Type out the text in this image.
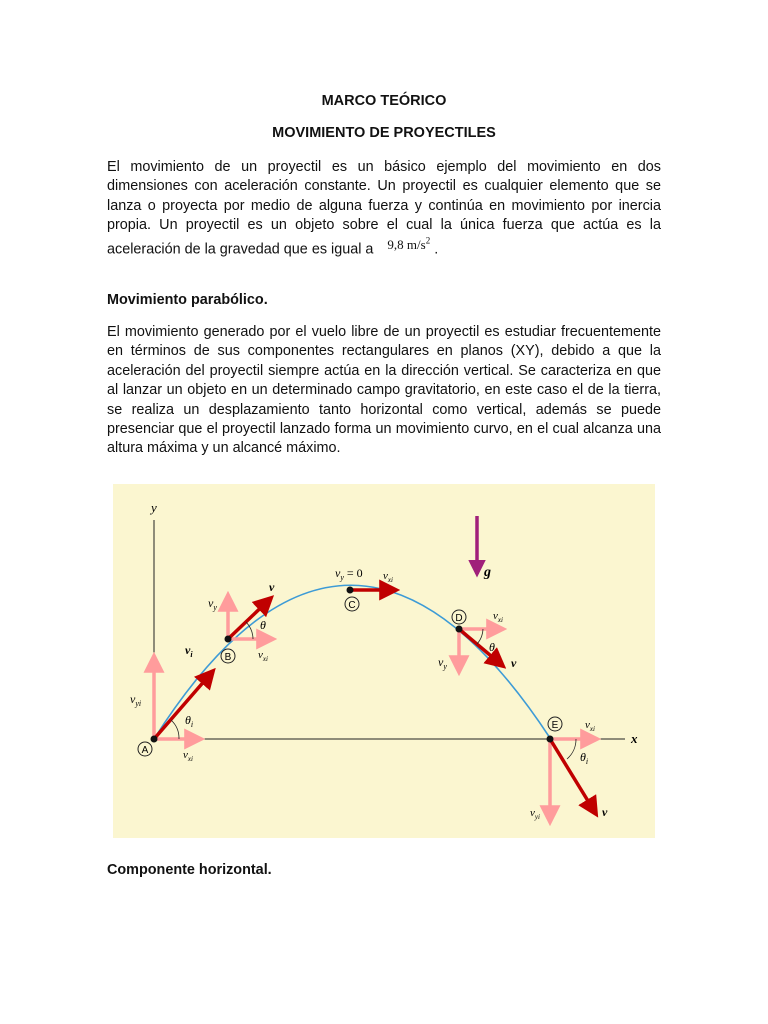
MARCO TEÓRICO
MOVIMIENTO DE PROYECTILES
El movimiento de un proyectil es un básico ejemplo del movimiento en dos dimensiones con aceleración constante. Un proyectil es cualquier elemento que se lanza o proyecta por medio de alguna fuerza y continúa en movimiento por inercia propia. Un proyectil es un objeto sobre el cual la única fuerza que actúa es la aceleración de la gravedad que es igual a 9,8 $m/s^2$ .
Movimiento parabólico.
El movimiento generado por el vuelo libre de un proyectil es estudiar frecuentemente en términos de sus componentes rectangulares en planos (XY), debido a que la aceleración del proyectil siempre actúa en la dirección vertical. Se caracteriza en que al lanzar un objeto en un determinado campo gravitatorio, en este caso el de la tierra, se realiza un desplazamiento tanto horizontal como vertical, además se puede presenciar que el proyectil lanzado forma un movimiento curvo, en el cual alcanza una altura máxima y un alcancé máximo.
y
x
g
A
$v_i$
$v_{yi}$
$v_{xi}$
$\theta_i$
B
v
$v_y$
$v_{xi}$
θ
C
$v_y = 0$ $v_{xi}$
D	$v_{xi}$
θ
$v_y$	v
E $v_{xi}$
$\theta_i$
$v_{yi}$	v
Componente horizontal.
